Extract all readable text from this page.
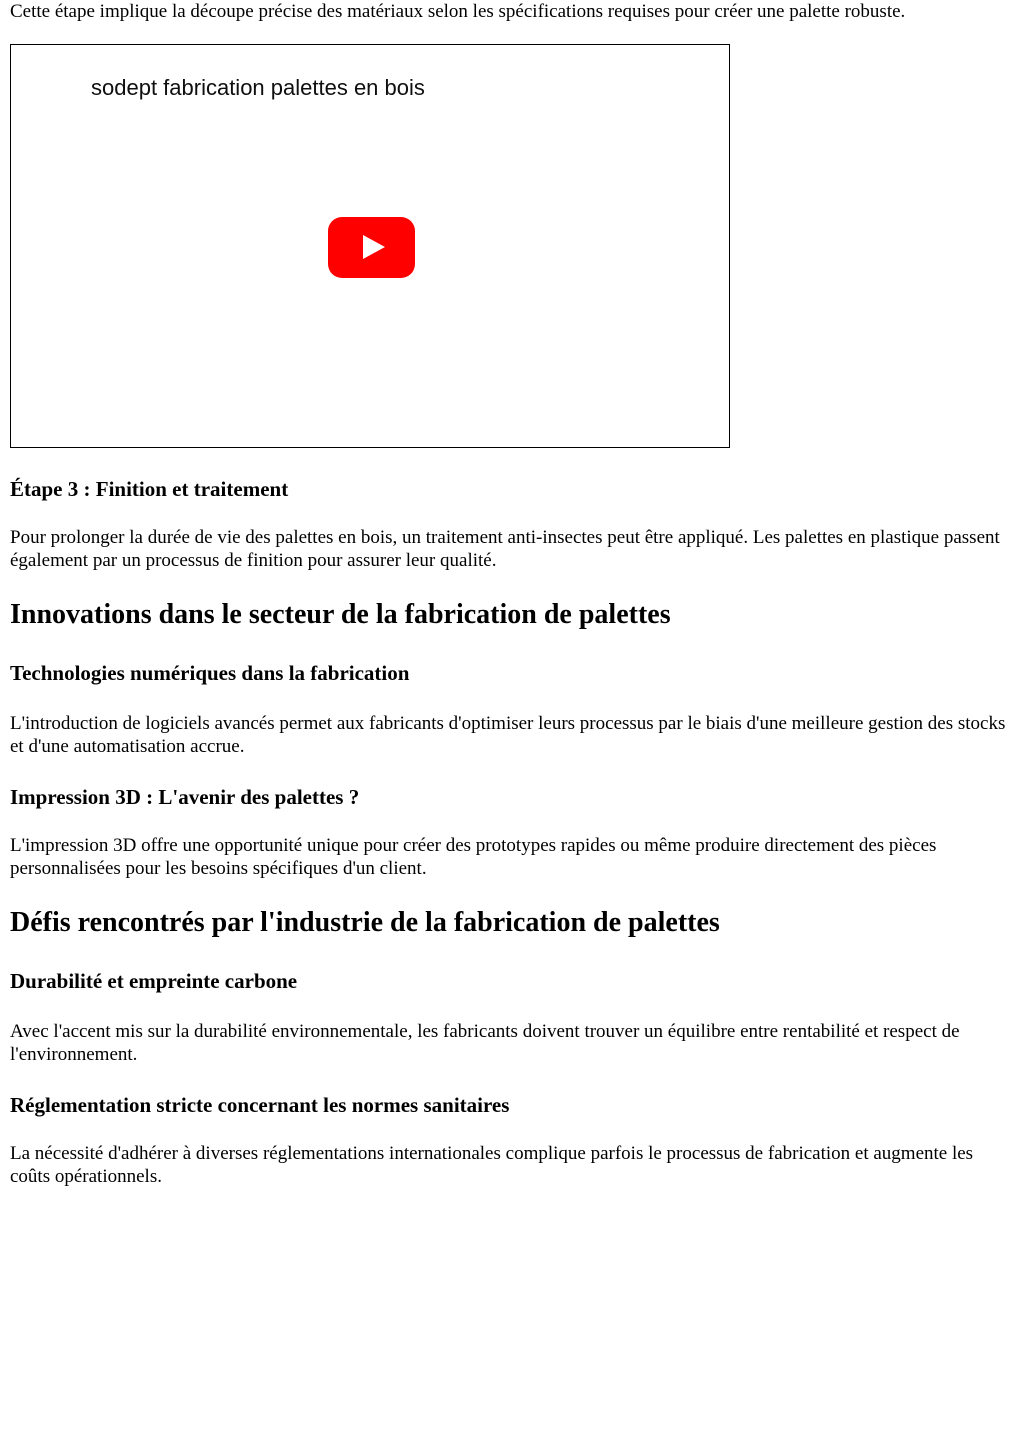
Cette étape implique la découpe précise des matériaux selon les spécifications requises pour créer une palette robuste.

sodept fabrication palettes en bois
Étape 3 : Finition et traitement

Pour prolonger la durée de vie des palettes en bois, un traitement anti-insectes peut être appliqué. Les palettes en plastique passent également par un processus de finition pour assurer leur qualité.

Innovations dans le secteur de la fabrication de palettes
Technologies numériques dans la fabrication

L'introduction de logiciels avancés permet aux fabricants d'optimiser leurs processus par le biais d'une meilleure gestion des stocks et d'une automatisation accrue.

Impression 3D : L'avenir des palettes ?

L'impression 3D offre une opportunité unique pour créer des prototypes rapides ou même produire directement des pièces personnalisées pour les besoins spécifiques d'un client.

Défis rencontrés par l'industrie de la fabrication de palettes
Durabilité et empreinte carbone

Avec l'accent mis sur la durabilité environnementale, les fabricants doivent trouver un équilibre entre rentabilité et respect de l'environnement.

Réglementation stricte concernant les normes sanitaires

La nécessité d'adhérer à diverses réglementations internationales complique parfois le processus de fabrication et augmente les coûts opérationnels.
